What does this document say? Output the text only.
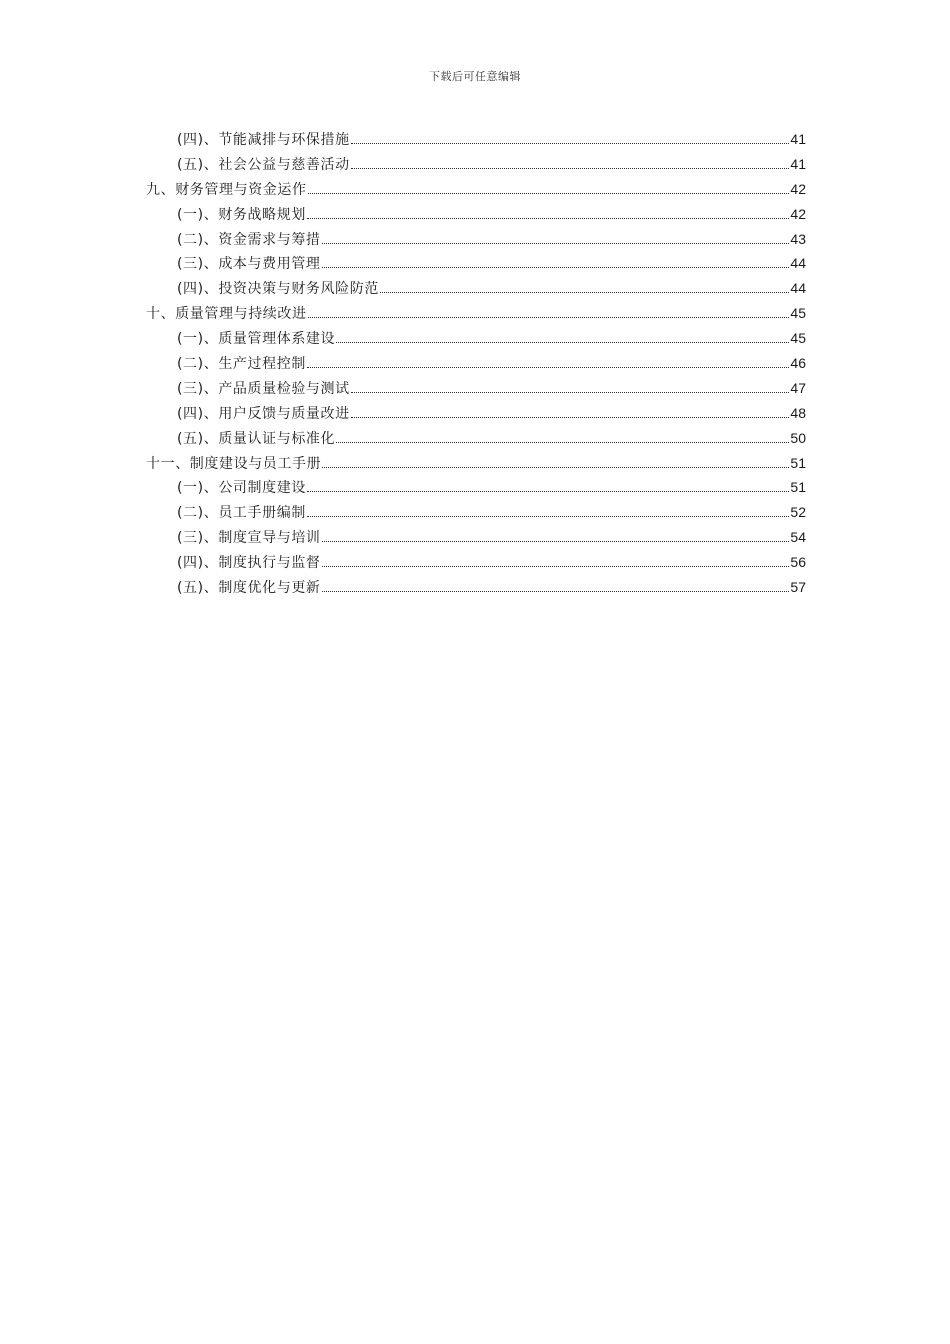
下载后可任意编辑
(四)、节能减排与环保措施	41
(五)、社会公益与慈善活动	41
九、财务管理与资金运作	42
(一)、财务战略规划	42
(二)、资金需求与筹措	43
(三)、成本与费用管理	44
(四)、投资决策与财务风险防范	44
十、质量管理与持续改进	45
(一)、质量管理体系建设	45
(二)、生产过程控制	46
(三)、产品质量检验与测试	47
(四)、用户反馈与质量改进	48
(五)、质量认证与标准化	50
十一、制度建设与员工手册	51
(一)、公司制度建设	51
(二)、员工手册编制	52
(三)、制度宣导与培训	54
(四)、制度执行与监督	56
(五)、制度优化与更新	57
